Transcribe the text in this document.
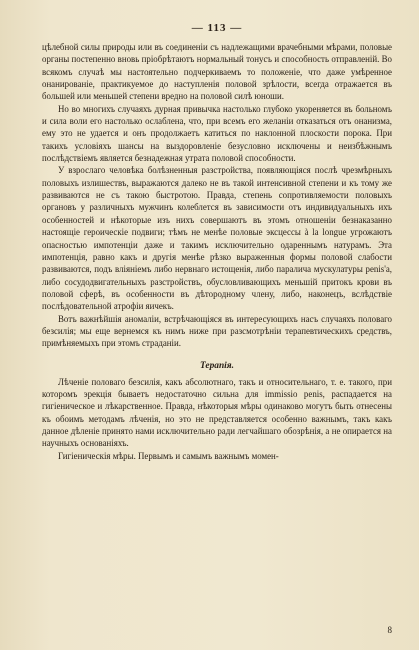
— 113 —

цѣлебной силы природы или въ соединеніи съ надлежащими врачебными мѣрами, половые органы постепенно вновь пріобрѣтаютъ нормальный тонусъ и способность отправленій. Во всякомъ случаѣ мы настоятельно подчеркиваемъ то положеніе, что даже умѣренное онанированіе, практикуемое до наступленія половой зрѣлости, всегда отражается въ большей или меньшей степени вредно на половой силѣ юноши.

Но во многихъ случаяхъ дурная привычка настолько глубоко укореняется въ больномъ и сила воли его настолько ослаблена, что, при всемъ его желаніи отказаться отъ онанизма, ему это не удается и онъ продолжаетъ катиться по наклонной плоскости порока. При такихъ условіяхъ шансы на выздоровленіе безусловно исключены и неизбѣжнымъ послѣдствіемъ является безнадежная утрата половой способности.

У взрослаго человѣка болѣзненныя разстройства, появляющіяся послѣ чрезмѣрныхъ половыхъ излишествъ, выражаются далеко не въ такой интенсивной степени и къ тому же развиваются не съ такою быстротою. Правда, степень сопротивляемости половыхъ органовъ у различныхъ мужчинъ колеблется въ зависимости отъ индивидуальныхъ ихъ особенностей и нѣкоторые изъ нихъ совершаютъ въ этомъ отношеніи безнаказанно настоящіе героическіе подвиги; тѣмъ не менѣе половые эксцессы à la longue угрожаютъ опасностью импотенціи даже и такимъ исключительно одареннымъ натурамъ. Эта импотенція, равно какъ и другія менѣе рѣзко выраженныя формы половой слабости развиваются, подъ вліяніемъ либо нервнаго истощенія, либо паралича мускулатуры penis'а, либо сосудодвигательныхъ разстройствъ, обусловливающихъ меньшій притокъ крови въ половой сферѣ, въ особенности въ дѣтородному члену, либо, наконецъ, вслѣдствіе послѣдовательной атрофіи яичекъ.

Вотъ важнѣйшія аномаліи, встрѣчающіяся въ интересующихъ насъ случаяхъ половаго безсилія; мы еще вернемся къ нимъ ниже при разсмотрѣніи терапевтическихъ средствъ, примѣняемыхъ при этомъ страданіи.

Терапія.

Лѣченіе половаго безсилія, какъ абсолютнаго, такъ и относительнаго, т. е. такого, при которомъ эрекція бываетъ недостаточно сильна для immissio penis, распадается на гигіеническое и лѣкарственное. Правда, нѣкоторыя мѣры одинаково могутъ быть отнесены къ обоимъ методамъ лѣченія, но это не представляется особенно важнымъ, такъ какъ данное дѣленіе принято нами исключительно ради легчайшаго обозрѣнія, а не опирается на научныхъ основаніяхъ.

Гигіеническія мѣры. Первымъ и самымъ важнымъ момен-

8
